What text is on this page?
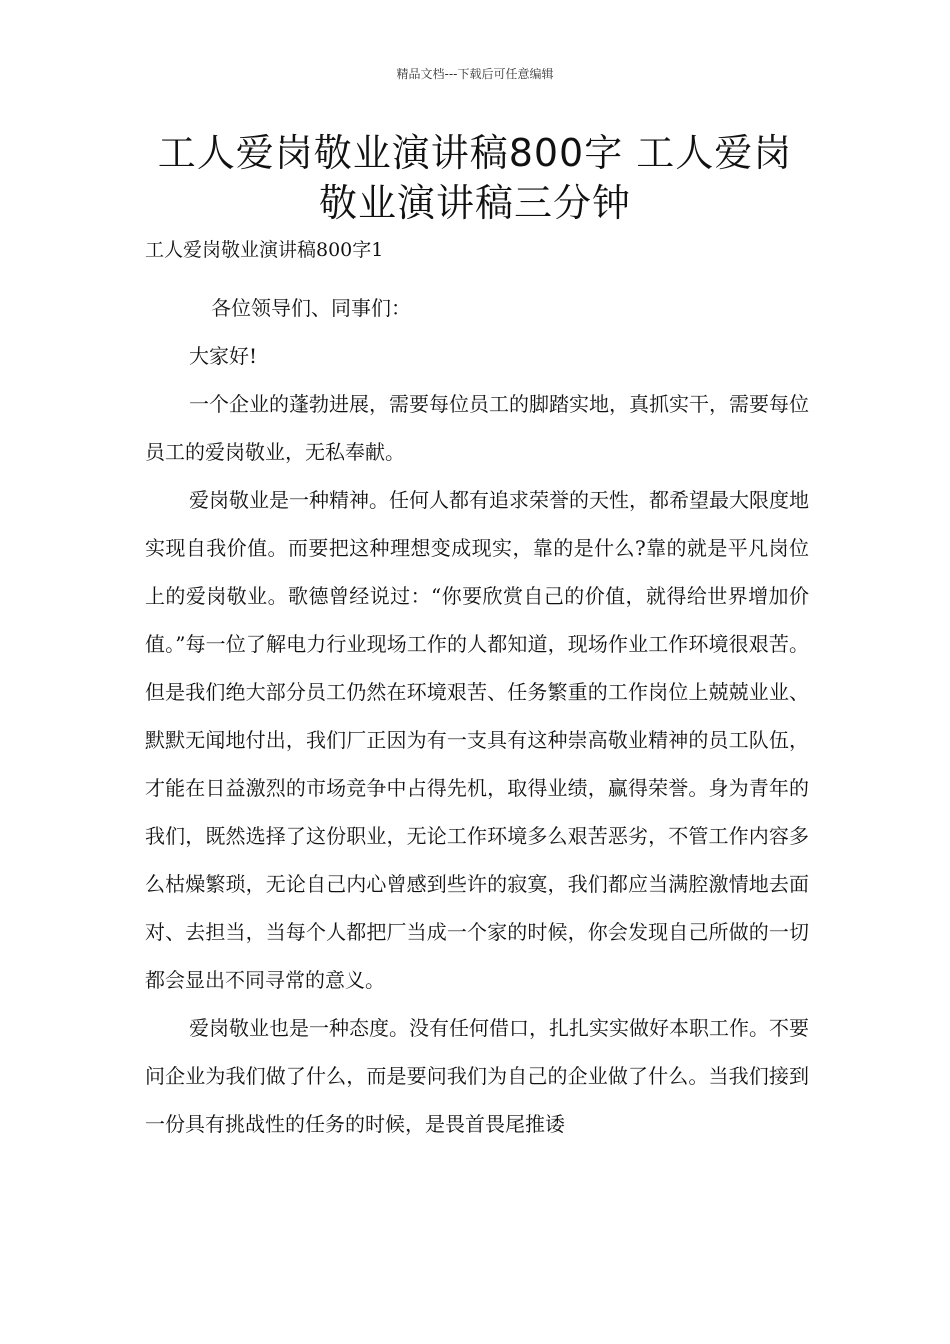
精品文档---下载后可任意编辑
工人爱岗敬业演讲稿800字 工人爱岗敬业演讲稿三分钟
工人爱岗敬业演讲稿800字1

各位领导们、同事们：

大家好!

一个企业的蓬勃进展，需要每位员工的脚踏实地，真抓实干，需要每位员工的爱岗敬业，无私奉献。

爱岗敬业是一种精神。任何人都有追求荣誉的天性，都希望最大限度地实现自我价值。而要把这种理想变成现实，靠的是什么?靠的就是平凡岗位上的爱岗敬业。歌德曾经说过：“你要欣赏自己的价值，就得给世界增加价值。”每一位了解电力行业现场工作的人都知道，现场作业工作环境很艰苦。但是我们绝大部分员工仍然在环境艰苦、任务繁重的工作岗位上兢兢业业、默默无闻地付出，我们厂正因为有一支具有这种崇高敬业精神的员工队伍，才能在日益激烈的市场竞争中占得先机，取得业绩，赢得荣誉。身为青年的我们，既然选择了这份职业，无论工作环境多么艰苦恶劣，不管工作内容多么枯燥繁琐，无论自己内心曾感到些许的寂寞，我们都应当满腔激情地去面对、去担当，当每个人都把厂当成一个家的时候，你会发现自己所做的一切都会显出不同寻常的意义。

爱岗敬业也是一种态度。没有任何借口，扎扎实实做好本职工作。不要问企业为我们做了什么，而是要问我们为自己的企业做了什么。当我们接到一份具有挑战性的任务的时候，是畏首畏尾推诿
